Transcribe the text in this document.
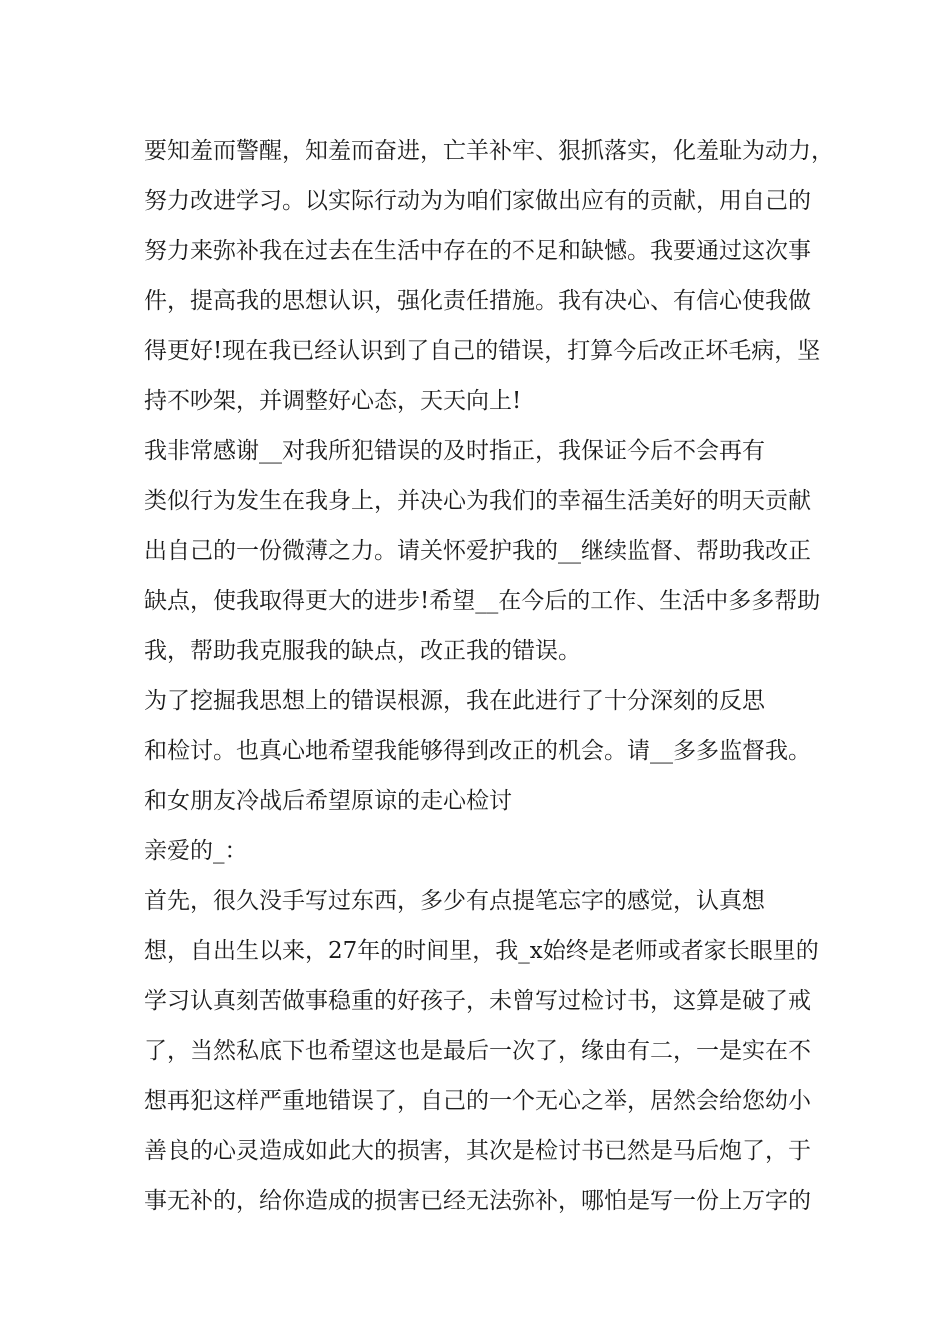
要知羞而警醒，知羞而奋进，亡羊补牢、狠抓落实，化羞耻为动力，

努力改进学习。以实际行动为为咱们家做出应有的贡献，用自己的

努力来弥补我在过去在生活中存在的不足和缺憾。我要通过这次事

件，提高我的思想认识，强化责任措施。我有决心、有信心使我做

得更好!现在我已经认识到了自己的错误，打算今后改正坏毛病，坚

持不吵架，并调整好心态，天天向上!

我非常感谢__对我所犯错误的及时指正，我保证今后不会再有

类似行为发生在我身上，并决心为我们的幸福生活美好的明天贡献

出自己的一份微薄之力。请关怀爱护我的__继续监督、帮助我改正

缺点，使我取得更大的进步!希望__在今后的工作、生活中多多帮助

我，帮助我克服我的缺点，改正我的错误。

为了挖掘我思想上的错误根源，我在此进行了十分深刻的反思

和检讨。也真心地希望我能够得到改正的机会。请__多多监督我。

和女朋友冷战后希望原谅的走心检讨

亲爱的_：

首先，很久没手写过东西，多少有点提笔忘字的感觉，认真想

想，自出生以来，27年的时间里，我_x始终是老师或者家长眼里的

学习认真刻苦做事稳重的好孩子，未曾写过检讨书，这算是破了戒

了，当然私底下也希望这也是最后一次了，缘由有二，一是实在不

想再犯这样严重地错误了，自己的一个无心之举，居然会给您幼小

善良的心灵造成如此大的损害，其次是检讨书已然是马后炮了，于

事无补的，给你造成的损害已经无法弥补，哪怕是写一份上万字的
